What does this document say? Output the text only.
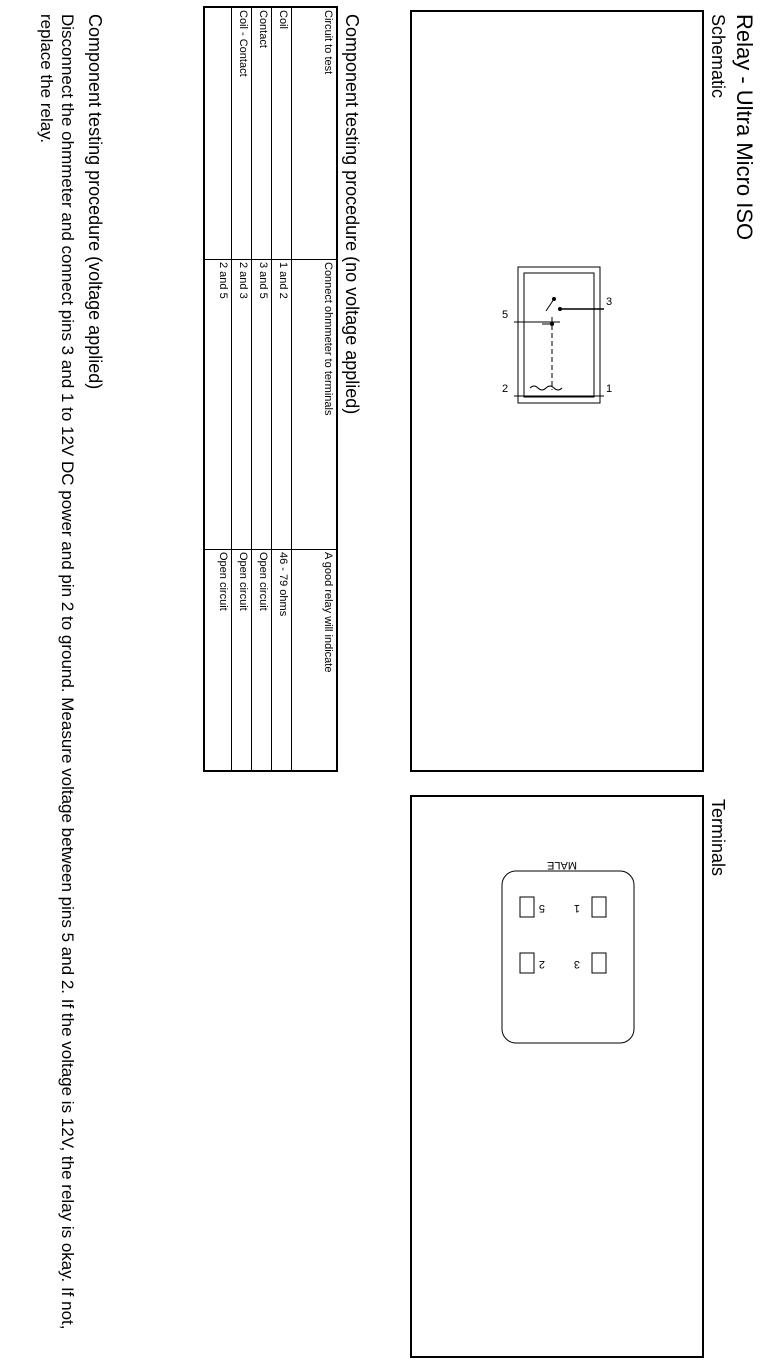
Relay - Ultra Micro ISO
Schematic
3
1
5
2
Terminals
MALE
5
2
1
3
Component testing procedure (no voltage applied)
Circuit to test	Connect ohmmeter to terminals	A good relay will indicate
Coil	1 and 2	46 - 79 ohms
Contact	3 and 5	Open circuit
Coil - Contact	2 and 3	Open circuit
	2 and 5	Open circuit
Component testing procedure (voltage applied)
Disconnect the ohmmeter and connect pins 3 and 1 to 12V DC power and pin 2 to ground. Measure voltage between pins 5 and 2. If the voltage is 12V, the relay is okay. If not, replace the relay.
